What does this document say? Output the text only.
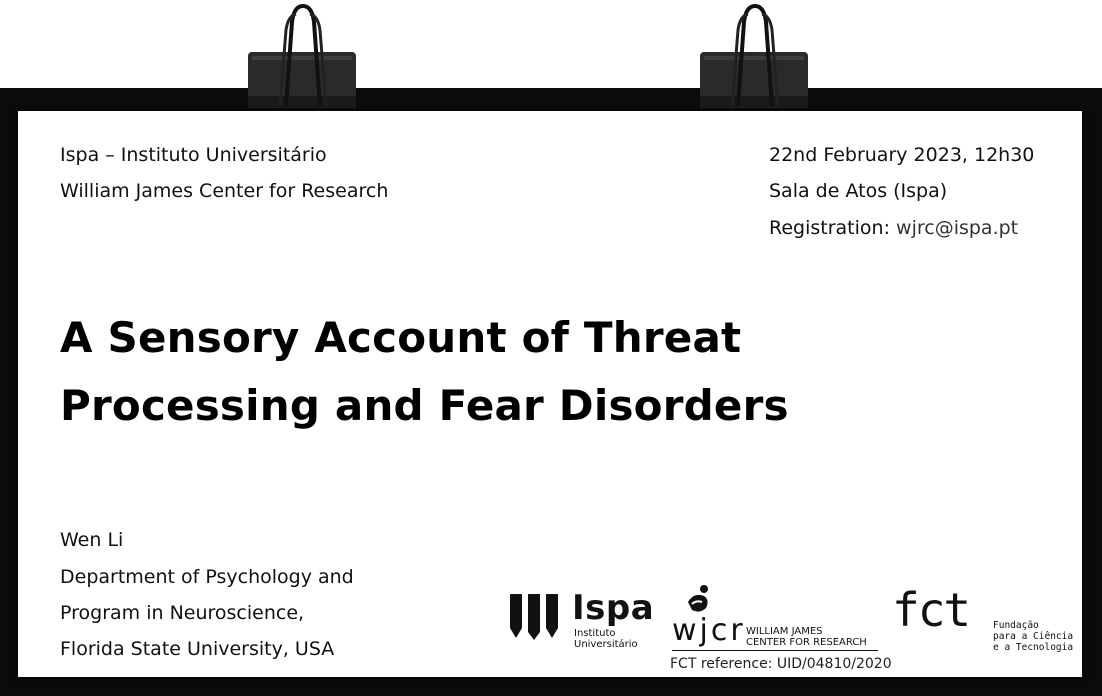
Ispa – Instituto Universitário
William James Center for Research
22nd February 2023, 12h30
Sala de Atos (Ispa)
Registration: wjrc@ispa.pt
A Sensory Account of Threat
Processing and Fear Disorders
Wen Li
Department of Psychology and
Program in Neuroscience,
Florida State University, USA
Ispa
Instituto
Universitário wjcr WILLIAM JAMES
CENTER FOR RESEARCH
fct	Fundação
para a Ciência
e a Tecnologia
FCT reference: UID/04810/2020
